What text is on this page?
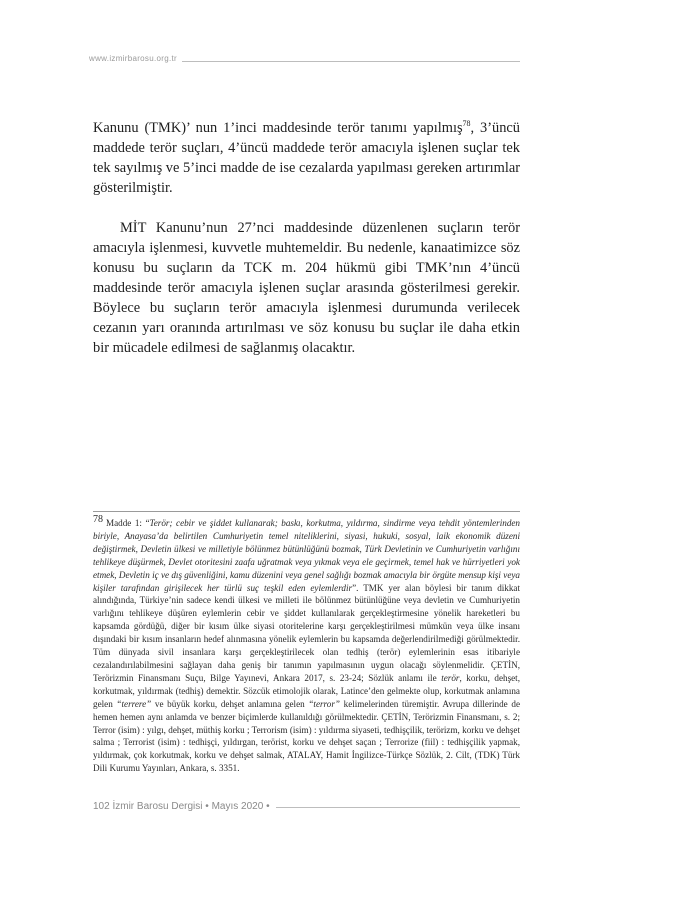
www.izmirbarosu.org.tr

Kanunu (TMK)’ nun 1’inci maddesinde terör tanımı yapılmış$^{78}$, 3’üncü maddede terör suçları, 4’üncü maddede terör amacıyla işlenen suçlar tek tek sayılmış ve 5’inci madde de ise cezalarda yapılması gereken artırımlar gösterilmiştir.

MİT Kanunu’nun 27’nci maddesinde düzenlenen suçların terör amacıyla işlenmesi, kuvvetle muhtemeldir. Bu nedenle, kanaatimizce söz konusu bu suçların da TCK m. 204 hükmü gibi TMK’nın 4’üncü maddesinde terör amacıyla işlenen suçlar arasında gösterilmesi gerekir. Böylece bu suçların terör amacıyla işlenmesi durumunda verilecek cezanın yarı oranında artırılması ve söz konusu bu suçlar ile daha etkin bir mücadele edilmesi de sağlanmış olacaktır.

$^{78}$ Madde 1: “Terör; cebir ve şiddet kullanarak; baskı, korkutma, yıldırma, sindirme veya tehdit yöntemlerinden biriyle, Anayasa’da belirtilen Cumhuriyetin temel niteliklerini, siyasi, hukuki, sosyal, laik ekonomik düzeni değiştirmek, Devletin ülkesi ve milletiyle bölünmez bütünlüğünü bozmak, Türk Devletinin ve Cumhuriyetin varlığını tehlikeye düşürmek, Devlet otoritesini zaafa uğratmak veya yıkmak veya ele geçirmek, temel hak ve hürriyetleri yok etmek, Devletin iç ve dış güvenliğini, kamu düzenini veya genel sağlığı bozmak amacıyla bir örgüte mensup kişi veya kişiler tarafından girişilecek her türlü suç teşkil eden eylemlerdir”. TMK yer alan böylesi bir tanım dikkat alındığında, Türkiye’nin sadece kendi ülkesi ve milleti ile bölünmez bütünlüğüne veya devletin ve Cumhuriyetin varlığını tehlikeye düşüren eylemlerin cebir ve şiddet kullanılarak gerçekleştirmesine yönelik hareketleri bu kapsamda gördüğü, diğer bir kısım ülke siyasi otoritelerine karşı gerçekleştirilmesi mümkün veya ülke insanı dışındaki bir kısım insanların hedef alınmasına yönelik eylemlerin bu kapsamda değerlendirilmediği görülmektedir. Tüm dünyada sivil insanlara karşı gerçekleştirilecek olan tedhiş (terör) eylemlerinin esas itibariyle cezalandırılabilmesini sağlayan daha geniş bir tanımın yapılmasının uygun olacağı söylenmelidir. ÇETİN, Terörizmin Finansmanı Suçu, Bilge Yayınevi, Ankara 2017, s. 23-24; Sözlük anlamı ile terör, korku, dehşet, korkutmak, yıldırmak (tedhiş) demektir. Sözcük etimolojik olarak, Latince’den gelmekte olup, korkutmak anlamına gelen “terrere” ve büyük korku, dehşet anlamına gelen “terror” kelimelerinden türemiştir. Avrupa dillerinde de hemen hemen aynı anlamda ve benzer biçimlerde kullanıldığı görülmektedir. ÇETİN, Terörizmin Finansmanı, s. 2; Terror (isim) : yılgı, dehşet, müthiş korku ; Terrorism (isim) : yıldırma siyaseti, tedhişçilik, terörizm, korku ve dehşet salma ; Terrorist (isim) : tedhişçi, yıldırgan, terörist, korku ve dehşet saçan ; Terrorize (fiil) : tedhişçilik yapmak, yıldırmak, çok korkutmak, korku ve dehşet salmak, ATALAY, Hamit İngilizce-Türkçe Sözlük, 2. Cilt, (TDK) Türk Dili Kurumu Yayınları, Ankara, s. 3351.
102 İzmir Barosu Dergisi • Mayıs 2020 •
